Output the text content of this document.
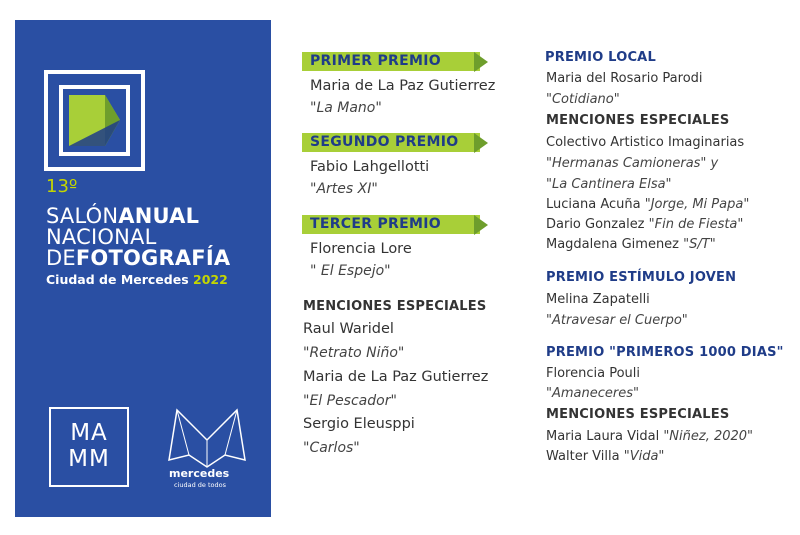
13º
SALÓNANUAL
NACIONAL
DEFOTOGRAFÍA
Ciudad de Mercedes 2022
MA
MM
mercedes
ciudad de todos
PRIMER PREMIO
Maria de La Paz Gutierrez
"La Mano"
SEGUNDO PREMIO
Fabio Lahgellotti
"Artes XI"
TERCER PREMIO
Florencia Lore
" El Espejo"
MENCIONES ESPECIALES
Raul Waridel
"Retrato Niño"
Maria de La Paz Gutierrez
"El Pescador"
Sergio Eleusppi
"Carlos"
PREMIO LOCAL
Maria del Rosario Parodi
"Cotidiano"
MENCIONES ESPECIALES
Colectivo Artistico Imaginarias
"Hermanas Camioneras" y
"La Cantinera Elsa"
Luciana Acuña "Jorge, Mi Papa"
Dario Gonzalez "Fin de Fiesta"
Magdalena Gimenez "S/T"
PREMIO ESTÍMULO JOVEN
Melina Zapatelli
"Atravesar el Cuerpo"
PREMIO "PRIMEROS 1000 DIAS"
Florencia Pouli
"Amaneceres"
MENCIONES ESPECIALES
Maria Laura Vidal "Niñez, 2020"
Walter Villa "Vida"
